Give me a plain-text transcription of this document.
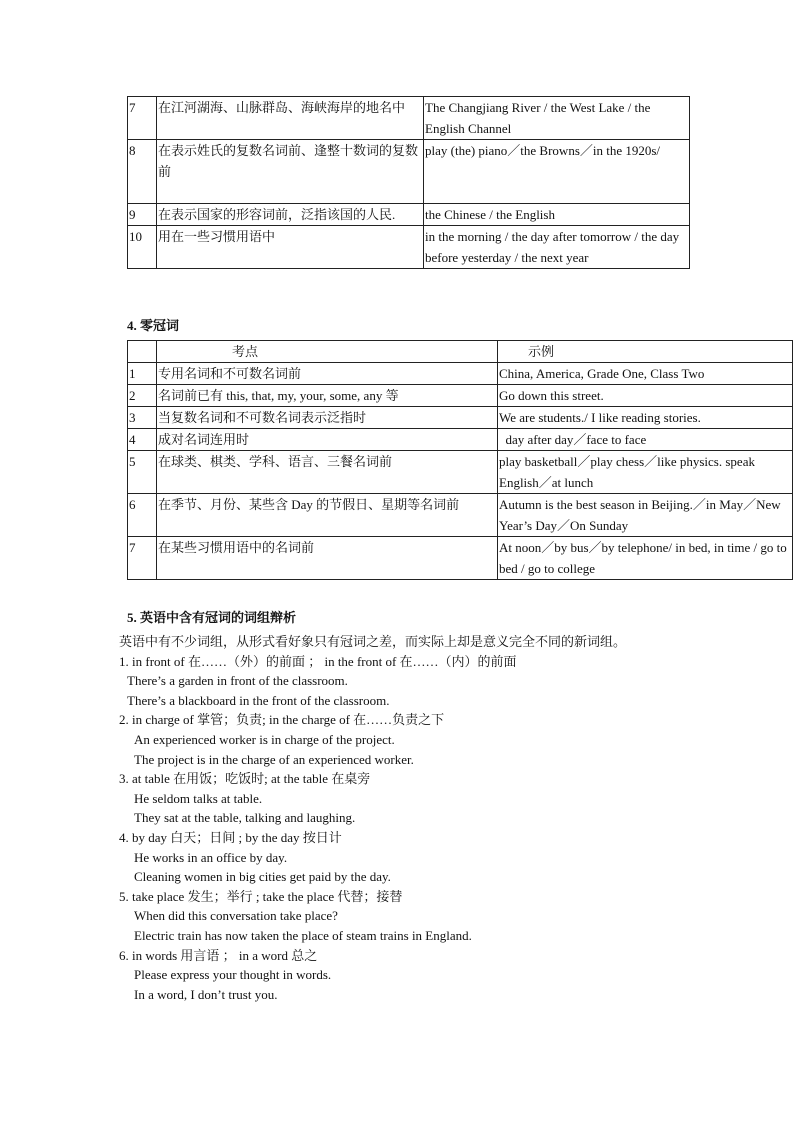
7	在江河湖海、山脉群岛、海峡海岸的地名中	The Changjiang River / the West Lake / the English Channel
8	在表示姓氏的复数名词前、逢整十数词的复数前	play (the) piano／the Browns／in the 1920s/
9	在表示国家的形容词前，泛指该国的人民.	the Chinese / the English
10	用在一些习惯用语中	in the morning / the day after tomorrow / the day before yesterday / the next year
4. 零冠词
	考点	示例
1	专用名词和不可数名词前	China, America, Grade One, Class Two
2	名词前已有 this, that, my, your, some, any 等	Go down this street.
3	当复数名词和不可数名词表示泛指时	We are students./ I like reading stories.
4	成对名词连用时	day after day／face to face
5	在球类、棋类、学科、语言、三餐名词前	play basketball／play chess／like physics. speak English／at lunch
6	在季节、月份、某些含 Day 的节假日、星期等名词前	Autumn is the best season in Beijing.／in May／New Year’s Day／On Sunday
7	在某些习惯用语中的名词前	At noon／by bus／by telephone/ in bed, in time / go to bed / go to college
5. 英语中含有冠词的词组辩析
英语中有不少词组，从形式看好象只有冠词之差，而实际上却是意义完全不同的新词组。
1. in front of 在……（外）的前面 ； in the front of 在……（内）的前面
There’s a garden in front of the classroom.
There’s a blackboard in the front of the classroom.
2. in charge of 掌管；负责; in the charge of 在……负责之下
An experienced worker is in charge of the project.
The project is in the charge of an experienced worker.
3. at table 在用饭；吃饭时; at the table 在桌旁
He seldom talks at table.
They sat at the table, talking and laughing.
4. by day 白天；日间 ; by the day 按日计
He works in an office by day.
Cleaning women in big cities get paid by the day.
5. take place 发生；举行 ; take the place 代替；接替
When did this conversation take place?
Electric train has now taken the place of steam trains in England.
6. in words 用言语 ； in a word 总之
Please express your thought in words.
In a word, I don’t trust you.
